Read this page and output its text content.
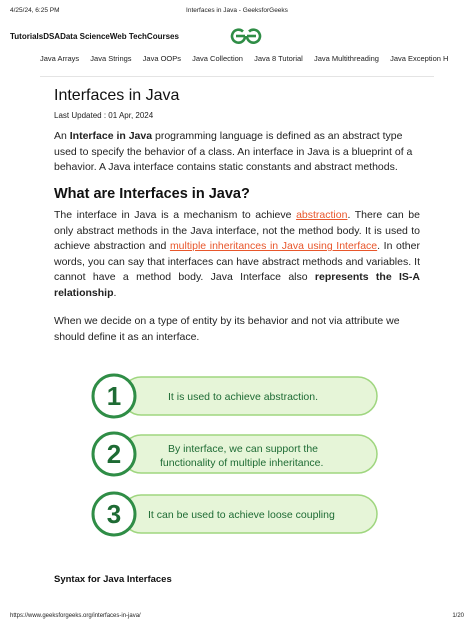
4/25/24, 6:25 PM	Interfaces in Java - GeeksforGeeks
TutorialsDSAData ScienceWeb TechCourses
Java Arrays Java Strings Java OOPs Java Collection Java 8 Tutorial Java Multithreading Java Exception H
Interfaces in Java
Last Updated : 01 Apr, 2024

An Interface in Java programming language is defined as an abstract type used to specify the behavior of a class. An interface in Java is a blueprint of a behavior. A Java interface contains static constants and abstract methods.

What are Interfaces in Java?

The interface in Java is a mechanism to achieve abstraction. There can be only abstract methods in the Java interface, not the method body. It is used to achieve abstraction and multiple inheritances in Java using Interface. In other words, you can say that interfaces can have abstract methods and variables. It cannot have a method body. Java Interface also represents the IS-A relationship.

When we decide on a type of entity by its behavior and not via attribute we should define it as an interface.

1	It is used to achieve abstraction.
2	By interface, we can support the
functionality of multiple inheritance.
3	It can be used to achieve loose coupling
Syntax for Java Interfaces
https://www.geeksforgeeks.org/interfaces-in-java/	1/20
